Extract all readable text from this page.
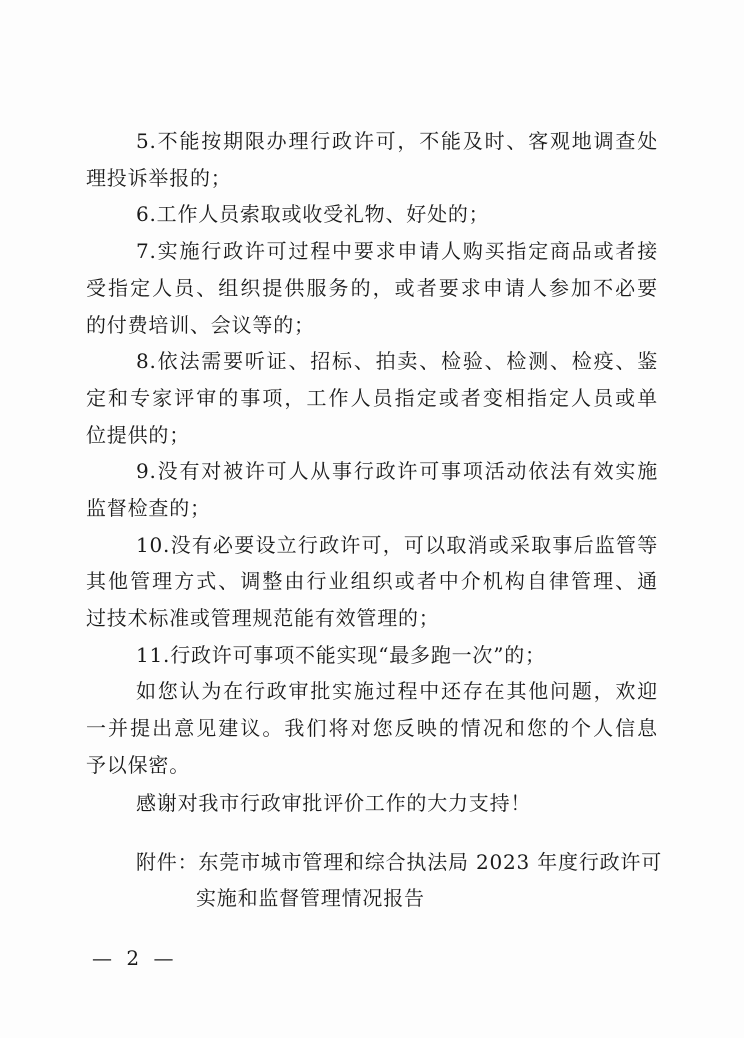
5.不能按期限办理行政许可，不能及时、客观地调查处
理投诉举报的；
6.工作人员索取或收受礼物、好处的；
7.实施行政许可过程中要求申请人购买指定商品或者接
受指定人员、组织提供服务的，或者要求申请人参加不必要
的付费培训、会议等的；
8.依法需要听证、招标、拍卖、检验、检测、检疫、鉴
定和专家评审的事项，工作人员指定或者变相指定人员或单
位提供的；
9.没有对被许可人从事行政许可事项活动依法有效实施
监督检查的；
10.没有必要设立行政许可，可以取消或采取事后监管等
其他管理方式、调整由行业组织或者中介机构自律管理、通
过技术标准或管理规范能有效管理的；
11.行政许可事项不能实现“最多跑一次”的；
如您认为在行政审批实施过程中还存在其他问题，欢迎
一并提出意见建议。我们将对您反映的情况和您的个人信息
予以保密。
感谢对我市行政审批评价工作的大力支持！
附件：东莞市城市管理和综合执法局 2023 年度行政许可
实施和监督管理情况报告
— 2 —
